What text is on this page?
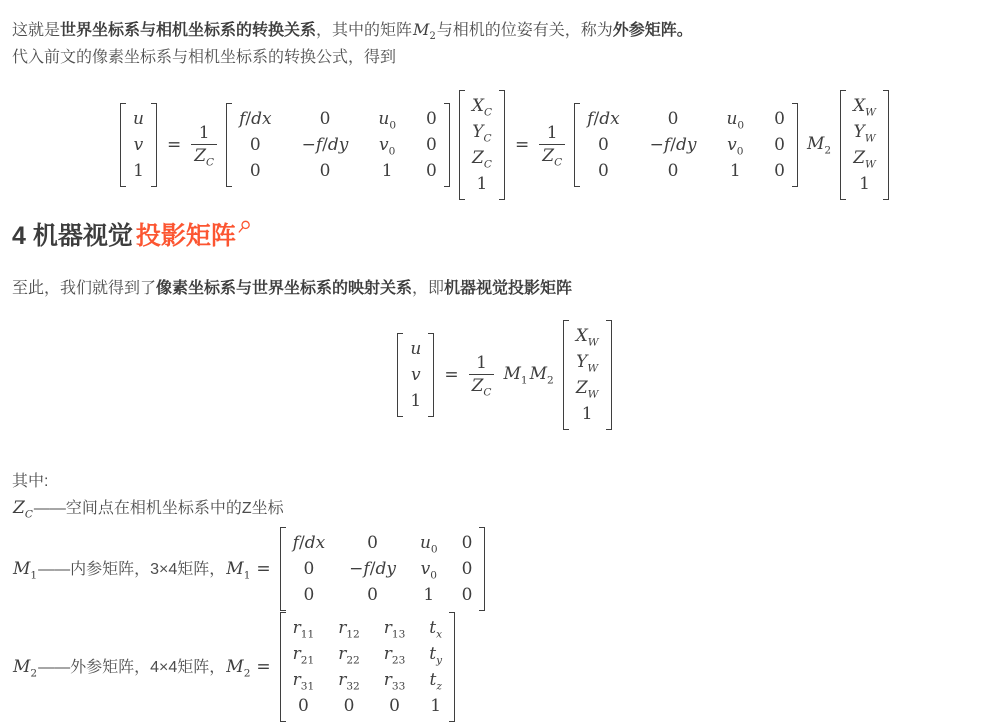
这就是世界坐标系与相机坐标系的转换关系，其中的矩阵$M_2$与相机的位姿有关，称为外参矩阵。

代入前文的像素坐标系与相机坐标系的转换公式，得到

u
v
1
= $\frac{1}{Z_C}$
f/dx	0	$u_0$ 0
0 −f/dy $v_0$ 0
0	0	1 0
$X_C$
$Y_C$
$Z_C$
1
= $\frac{1}{Z_C}$
f/dx	0	$u_0$ 0
0 −f/dy $v_0$ 0
0	0	1 0
$M_2$
$X_W$
$Y_W$
$Z_W$
1
4 机器视觉 投影矩阵

至此，我们就得到了像素坐标系与世界坐标系的映射关系，即机器视觉投影矩阵

u
v
1
= $\frac{1}{Z_C} M_1$ $M_2$
$X_W$
$Y_W$
$Z_W$
1

其中:

$Z_C$ ——空间点在相机坐标系中的Z坐标
$M_1$ ——内参矩阵，3×4矩阵， $M_1$ =
f/dx 0 $u_0$ 0
0 −f/dy $v_0$ 0
0	0	1 0
$M_2$ ——外参矩阵，4×4矩阵， $M_2$ =
$r_{11}$ $r_{12}$ $r_{13}$ $t_x$
$r_{21}$ $r_{22}$ $r_{23}$ $t_y$
$r_{31}$ $r_{32}$ $r_{33}$ $t_z$
0 0 0 1
